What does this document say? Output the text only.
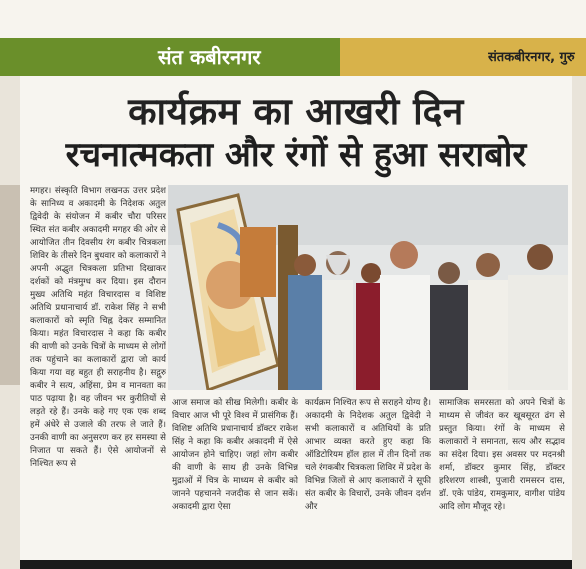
संत कबीरनगर	संतकबीरनगर, गुरु
कार्यक्रम का आखरी दिन
रचनात्मकता और रंगों से हुआ सराबोर
मगहर। संस्कृति विभाग लखनऊ उत्तर प्रदेश के सानिध्य व अकादमी के निदेशक अतुल द्विवेदी के संयोजन में कबीर चौरा परिसर स्थित संत कबीर अकादमी मगहर की ओर से आयोजित तीन दिवसीय रंग कबीर चित्रकला शिविर के तीसरे दिन बुधवार को कलाकारों ने अपनी अद्भुत चित्रकला प्रतिभा दिखाकर दर्शकों को मंत्रमुग्ध कर दिया। इस दौरान मुख्य अतिथि महंत विचारदास व विशिष्ट अतिथि प्रधानाचार्य डॉ. राकेश सिंह ने सभी कलाकारों को स्मृति चिह्न देकर सम्मानित किया। महंत विचारदास ने कहा कि कबीर की वाणी को उनके चित्रों के माध्यम से लोगों तक पहुंचाने का कलाकारों द्वारा जो कार्य किया गया वह बहुत ही सराहनीय है। सद्गुरु कबीर ने सत्य, अहिंसा, प्रेम व मानवता का पाठ पढ़ाया है। वह जीवन भर कुरीतियों से लड़ते रहे हैं। उनके कहे गए एक एक शब्द हमें अंधेरे से उजाले की तरफ ले जाते हैं। उनकी वाणी का अनुसरण कर हर समस्या से निजात पा सकते हैं। ऐसे आयोजनों से निश्चित रूप से
आज समाज को सीख मिलेगी। कबीर के विचार आज भी पूरे विश्व में प्रासंगिक हैं। विशिष्ट अतिथि प्रधानाचार्य डॉक्टर राकेश सिंह ने कहा कि कबीर अकादमी में ऐसे आयोजन होने चाहिए। जहां लोग कबीर की वाणी के साथ ही उनके विभिन्न मुद्राओं में चित्र के माध्यम से कबीर को जानने पहचानने नजदीक से जान सकें। अकादमी द्वारा ऐसा
कार्यक्रम निश्चित रूप से सराहने योग्य है। अकादमी के निदेशक अतुल द्विवेदी ने सभी कलाकारों व अतिथियों के प्रति आभार व्यक्त करते हुए कहा कि ऑडिटोरियम हॉल हाल में तीन दिनों तक चले रंगकबीर चित्रकला शिविर में प्रदेश के विभिन्न जिलों से आए कलाकारों ने सूफी संत कबीर के विचारों, उनके जीवन दर्शन और
सामाजिक समरसता को अपने चित्रों के माध्यम से जीवंत कर खूबसूरत ढंग से प्रस्तुत किया। रंगों के माध्यम से कलाकारों ने समानता, सत्य और सद्भाव का संदेश दिया। इस अवसर पर मदनश्री शर्मा, डॉक्टर कुमार सिंह, डॉक्टर हरिशरण शास्त्री, पुजारी रामसरन दास, डॉ. एके पांडेय, रामकुमार, वागीश पांडेय आदि लोग मौजूद रहे।
